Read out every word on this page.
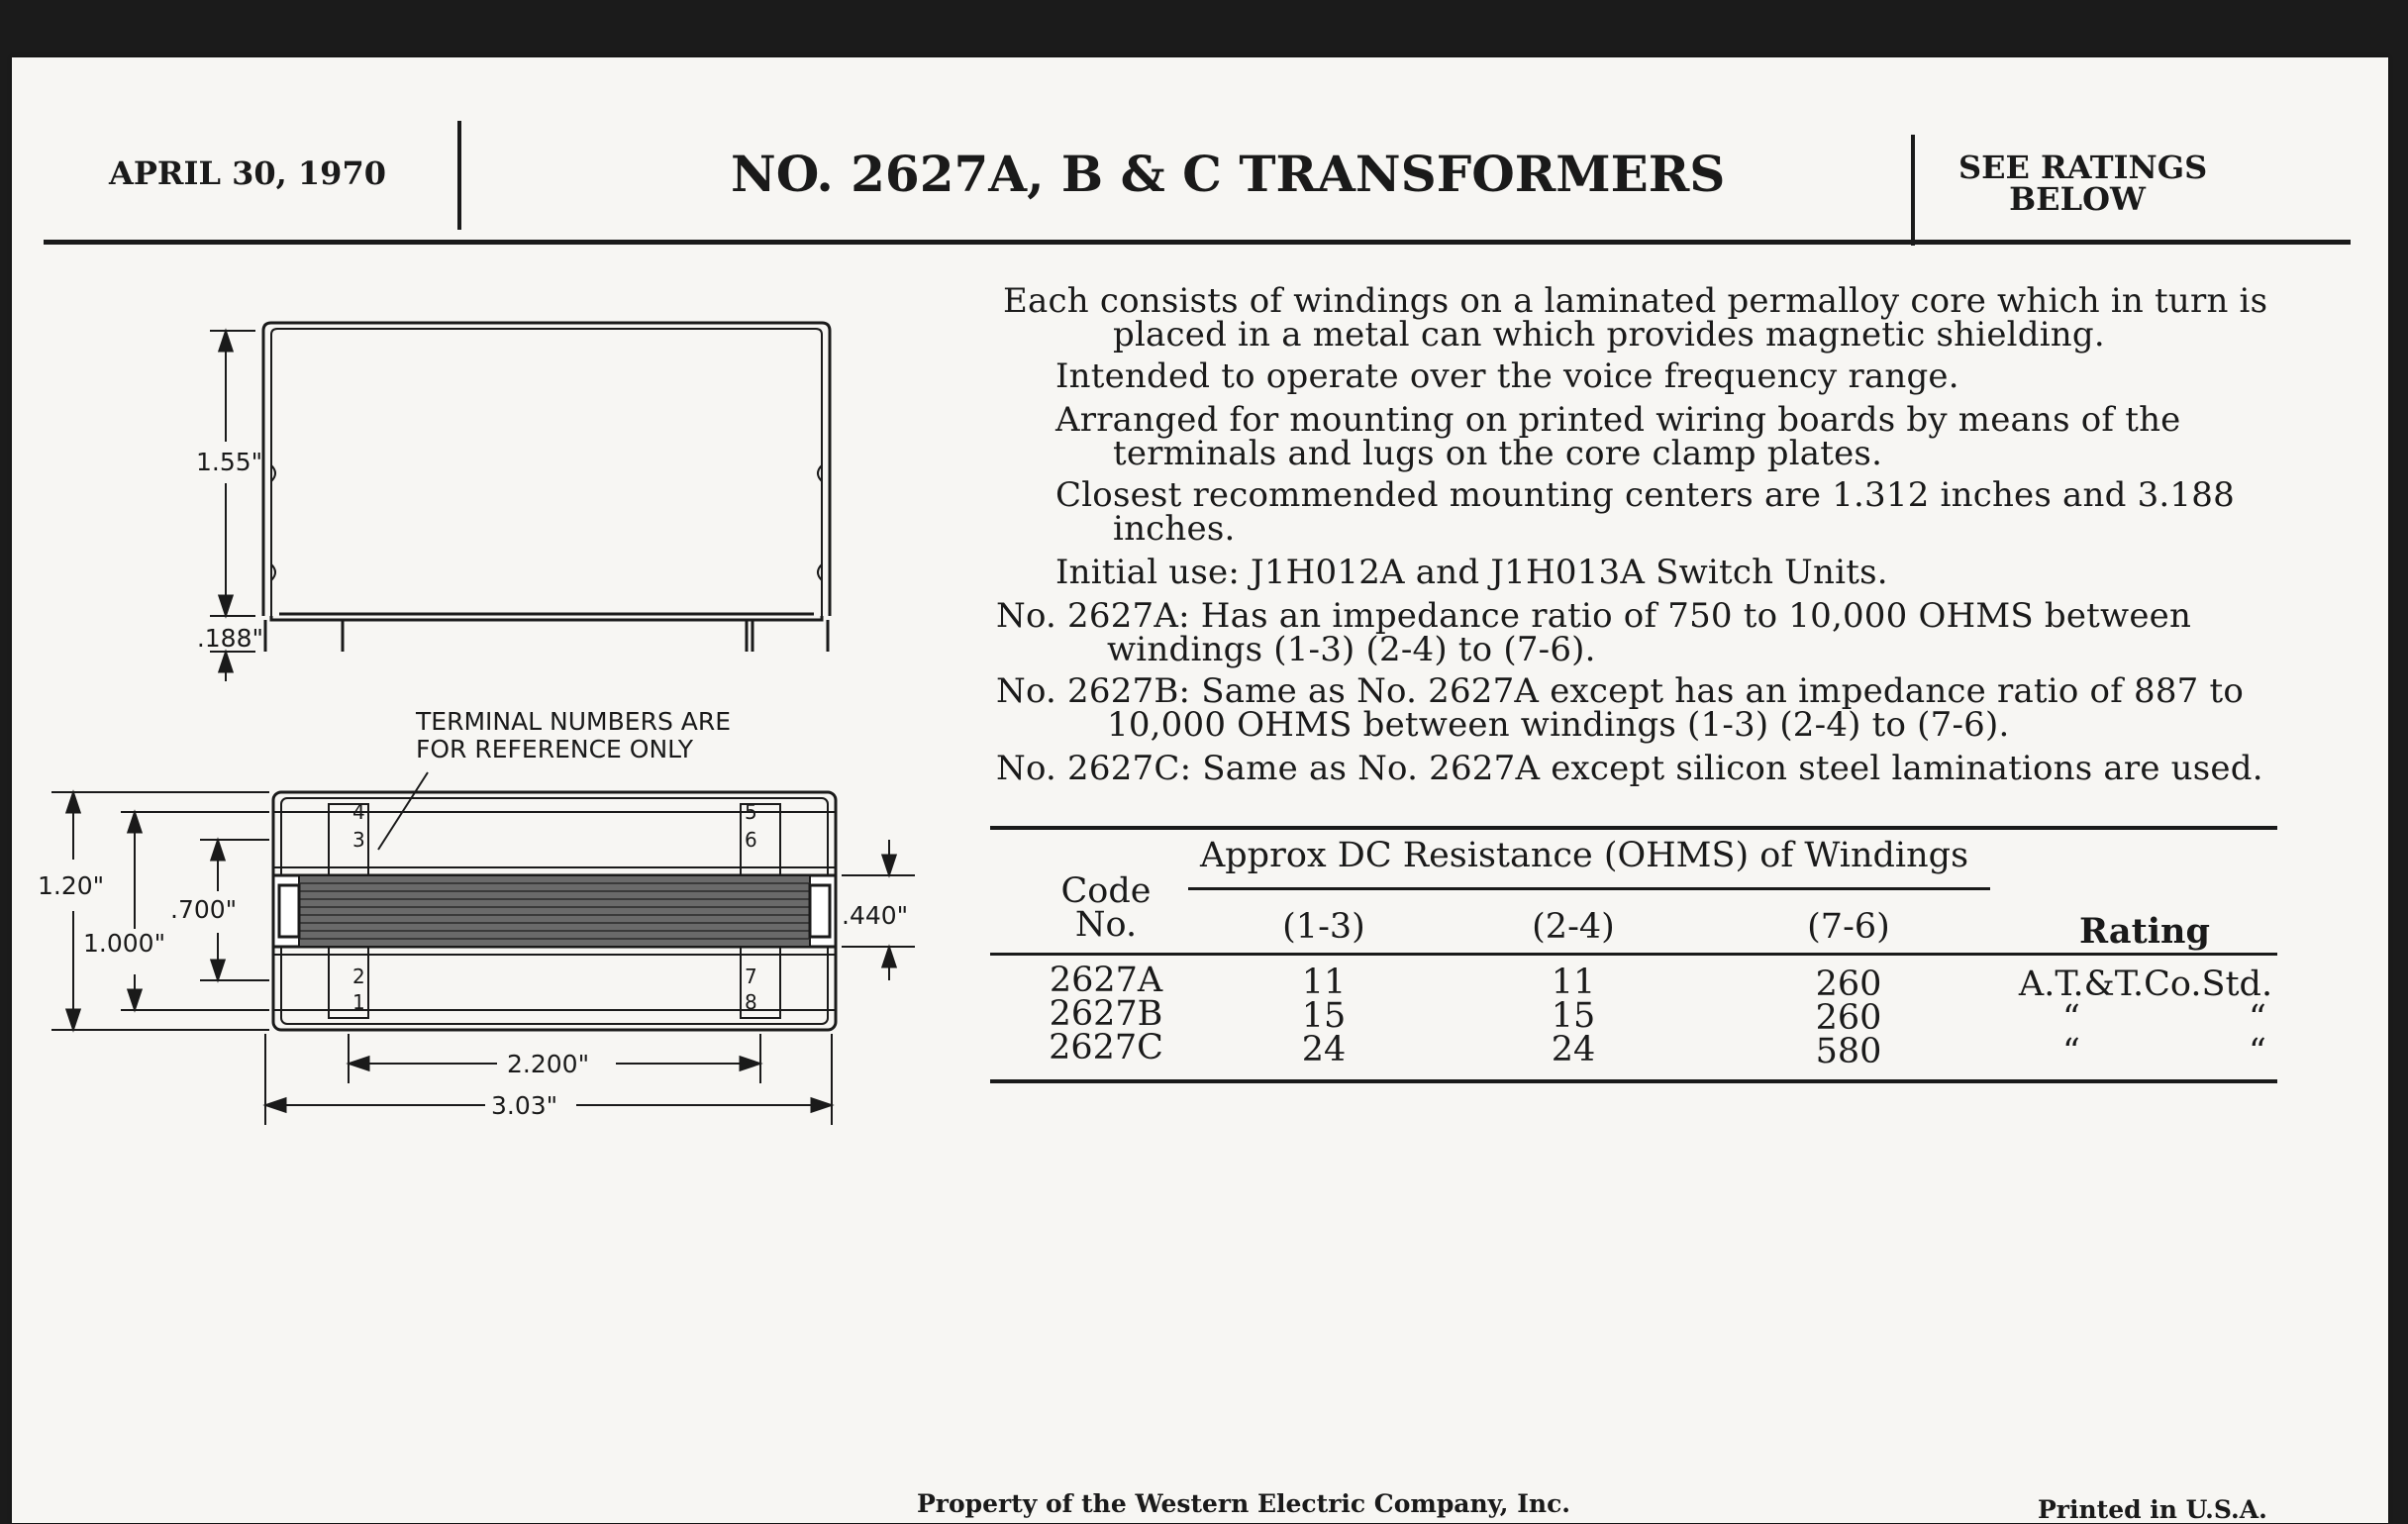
APRIL 30, 1970	NO. 2627A, B & C TRANSFORMERS	SEE RATINGS
BELOW
Each consists of windings on a laminated permalloy core which in turn is
placed in a metal can which provides magnetic shielding.
Intended to operate over the voice frequency range.
Arranged for mounting on printed wiring boards by means of the
terminals and lugs on the core clamp plates.
Closest recommended mounting centers are 1.312 inches and 3.188
inches.
Initial use: J1H012A and J1H013A Switch Units.
No. 2627A: Has an impedance ratio of 750 to 10,000 OHMS between
windings (1-3) (2-4) to (7-6).
No. 2627B: Same as No. 2627A except has an impedance ratio of 887 to
10,000 OHMS between windings (1-3) (2-4) to (7-6).
No. 2627C: Same as No. 2627A except silicon steel laminations are used.
Approx DC Resistance (OHMS) of Windings
Code
No.	(1-3)	(2-4)	(7-6)	Rating
2627A	11	11	260	A.T.&T.Co.Std.
2627B	15	15	260	“	“
2627C	24	24	580	“	“
1.55"
.188"
TERMINAL NUMBERS ARE
FOR REFERENCE ONLY
1.20"
1.000"
.700"	.440"
2.200"
3.03"
4
3
2
1
5
6
7
8
Property of the Western Electric Company, Inc.	Printed in U.S.A.
